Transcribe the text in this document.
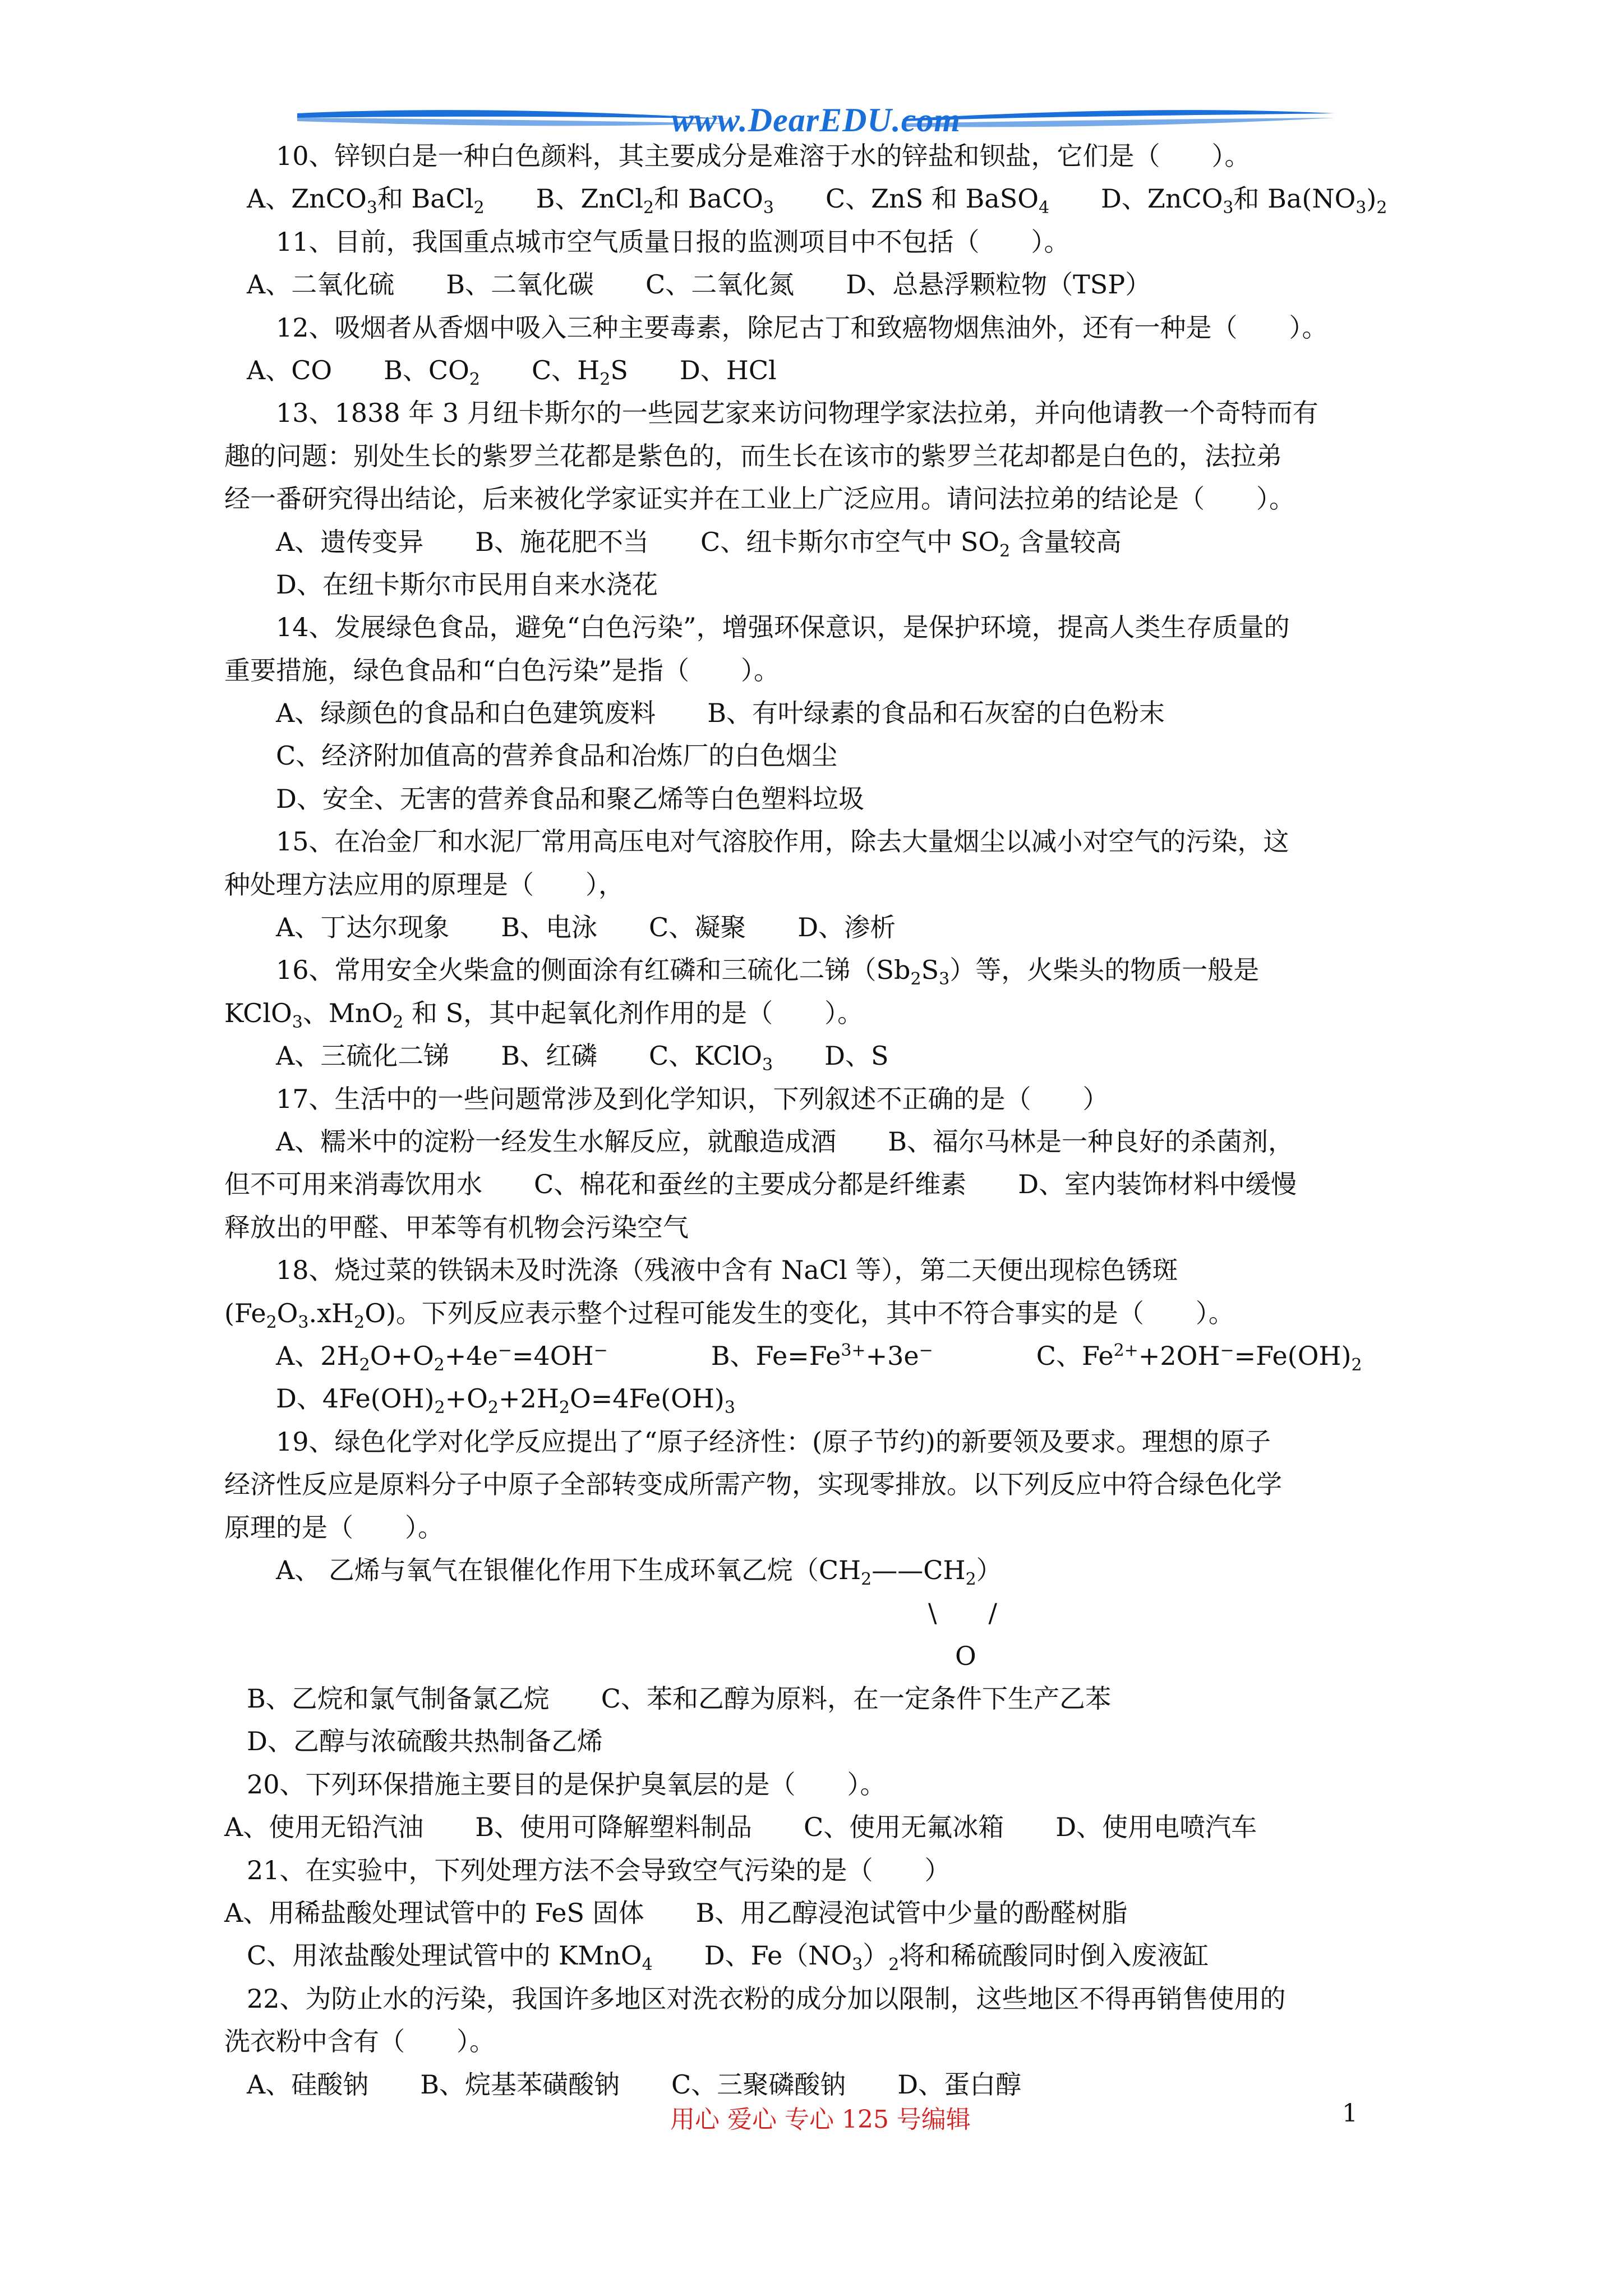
www.DearEDU.com
10、锌钡白是一种白色颜料，其主要成分是难溶于水的锌盐和钡盐，它们是（　　）。
A、ZnCO$_3$和 BaCl$_2$　　 B、ZnCl$_2$和 BaCO$_3$　　 C、ZnS 和 BaSO$_4$　　 D、ZnCO$_3$和 $Ba(NO_3)_2$
11、目前，我国重点城市空气质量日报的监测项目中不包括（　　）。
A、二氧化硫　　B、二氧化碳　　C、二氧化氮　　D、总悬浮颗粒物（TSP）
12、吸烟者从香烟中吸入三种主要毒素，除尼古丁和致癌物烟焦油外，还有一种是（　　）。
A、CO　　B、$CO_2$　　C、$H_2S$　　D、HCl
13、1838 年 3 月纽卡斯尔的一些园艺家来访问物理学家法拉弟，并向他请教一个奇特而有
趣的问题：别处生长的紫罗兰花都是紫色的，而生长在该市的紫罗兰花却都是白色的，法拉弟
经一番研究得出结论，后来被化学家证实并在工业上广泛应用。请问法拉弟的结论是（　　）。
A、遗传变异　　B、施花肥不当　　C、纽卡斯尔市空气中 $SO_2$ 含量较高
D、在纽卡斯尔市民用自来水浇花
14、发展绿色食品，避免“白色污染”，增强环保意识，是保护环境，提高人类生存质量的
重要措施，绿色食品和“白色污染”是指（　　）。
A、绿颜色的食品和白色建筑废料　　B、有叶绿素的食品和石灰窑的白色粉末
C、经济附加值高的营养食品和冶炼厂的白色烟尘
D、安全、无害的营养食品和聚乙烯等白色塑料垃圾
15、在冶金厂和水泥厂常用高压电对气溶胶作用，除去大量烟尘以减小对空气的污染，这
种处理方法应用的原理是（　　），
A、丁达尔现象　　B、电泳　　C、凝聚　　D、渗析
16、常用安全火柴盒的侧面涂有红磷和三硫化二锑$(Sb_2S_3)$等，火柴头的物质一般是
KClO$_3$、MnO$_2$ 和 S，其中起氧化剂作用的是（　　）。
A、三硫化二锑　　B、红磷　　C、KClO$_3$　　D、S
17、生活中的一些问题常涉及到化学知识，下列叙述不正确的是（　　）
A、糯米中的淀粉一经发生水解反应，就酿造成酒　　B、福尔马林是一种良好的杀菌剂，
但不可用来消毒饮用水　　C、棉花和蚕丝的主要成分都是纤维素　　D、室内装饰材料中缓慢
释放出的甲醛、甲苯等有机物会污染空气
18、烧过菜的铁锅未及时洗涤（残液中含有 NaCl 等），第二天便出现棕色锈斑
$(Fe_2O_3.xH_2O)$。下列反应表示整个过程可能发生的变化，其中不符合事实的是（　　）。
A、$2H_2O+O_2+4e^-=4OH^-$　　　　B、$Fe=Fe^{3+}+3e^-$　　　　C、$Fe^{2+}+2OH^-=Fe(OH)_2$
D、$4Fe(OH)_2+O_2+2H_2O=4Fe(OH)_3$
19、绿色化学对化学反应提出了“原子经济性：(原子节约)的新要领及要求。理想的原子
经济性反应是原料分子中原子全部转变成所需产物，实现零排放。以下列反应中符合绿色化学
原理的是（　　）。
A、 乙烯与氧气在银催化作用下生成环氧乙烷$(CH_2——CH_2)$
\　　/
O
B、乙烷和氯气制备氯乙烷　　C、苯和乙醇为原料，在一定条件下生产乙苯
D、乙醇与浓硫酸共热制备乙烯
20、下列环保措施主要目的是保护臭氧层的是（　　）。
A、使用无铅汽油　　B、使用可降解塑料制品　　C、使用无氟冰箱　　D、使用电喷汽车
21、在实验中，下列处理方法不会导致空气污染的是（　　）
A、用稀盐酸处理试管中的 FeS 固体　　B、用乙醇浸泡试管中少量的酚醛树脂
C、用浓盐酸处理试管中的 KMnO$_4$　　D、$Fe(NO_3)_2$将和稀硫酸同时倒入废液缸
22、为防止水的污染，我国许多地区对洗衣粉的成分加以限制，这些地区不得再销售使用的
洗衣粉中含有（　　）。
A、硅酸钠　　B、烷基苯磺酸钠　　C、三聚磷酸钠　　D、蛋白醇
用心 爱心 专心 125 号编辑	1
